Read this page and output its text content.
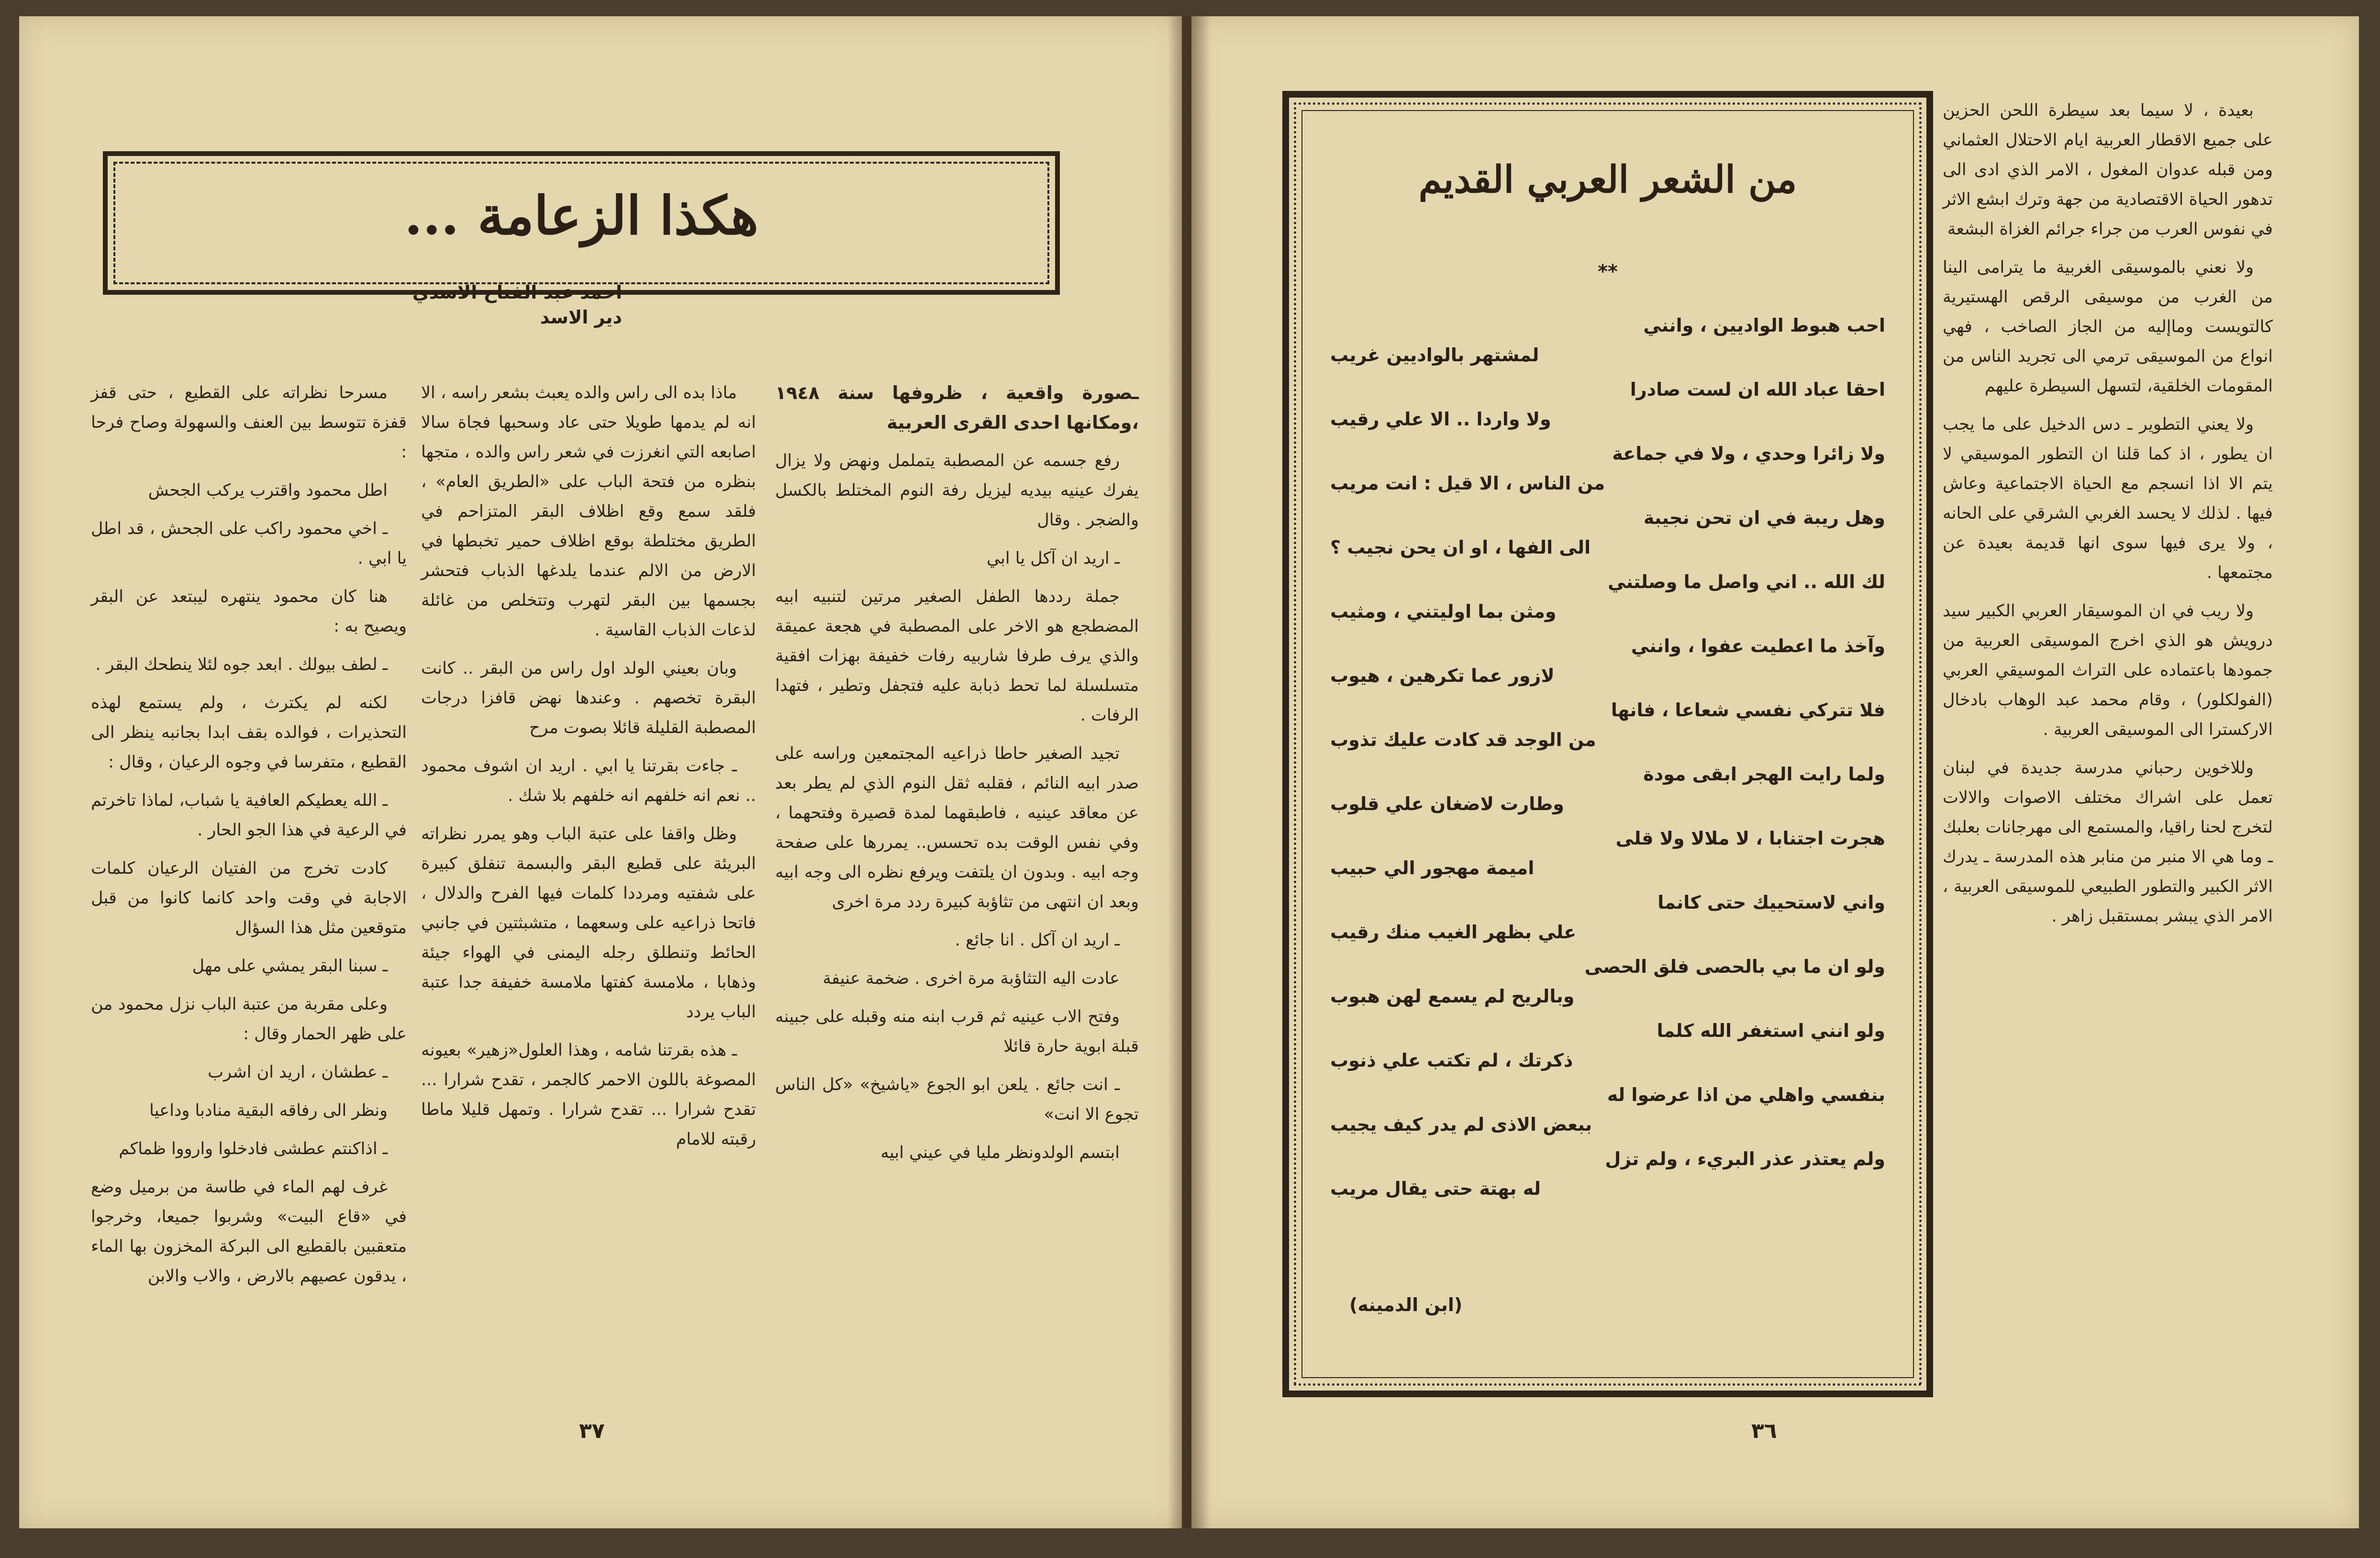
هكذا الزعامة ...
احمد عبد الفتاح الاسدي
دير الاسد

ـصورة واقعية ، ظروفها سنة ١٩٤٨ ،ومكانها احدى القرى العربية

رفع جسمه عن المصطبة يتململ ونهض ولا يزال يفرك عينيه بيديه ليزيل رفة النوم المختلط بالكسل والضجر . وقال

ـ اريد ان آكل يا ابي

جملة رددها الطفل الصغير مرتين لتنبيه ابيه المضطجع هو الاخر على المصطبة في هجعة عميقة والذي يرف طرفا شاربيه رفات خفيفة بهزات افقية متسلسلة لما تحط ذبابة عليه فتجفل وتطير ، فتهدا الرفات .

تجيد الصغير حاطا ذراعيه المجتمعين وراسه على صدر ابيه النائم ، فقلبه ثقل النوم الذي لم يطر بعد عن معاقد عينيه ، فاطبقهما لمدة قصيرة وفتحهما ، وفي نفس الوقت بده تحسس.. يمررها على صفحة وجه ابيه . وبدون ان يلتفت ويرفع نظره الى وجه ابيه وبعد ان انتهى من تثاؤبة كبيرة ردد مرة اخرى

ـ اريد ان آكل . انا جائع .

عادت اليه التثاؤبة مرة اخرى . ضخمة عنيفة

وفتح الاب عينيه ثم قرب ابنه منه وقبله على جبينه قبلة ابوية حارة قائلا

ـ انت جائع . يلعن ابو الجوع «ياشيخ» «كل الناس تجوع الا انت»

ابتسم الولدونظر مليا في عيني ابيه

ماذا بده الى راس والده يعبث بشعر راسه ، الا انه لم يدمها طويلا حتى عاد وسحبها فجاة سالا اصابعه التي انغرزت في شعر راس والده ، متجها بنظره من فتحة الباب على «الطريق العام» ، فلقد سمع وقع اظلاف البقر المتزاحم في الطريق مختلطة بوقع اظلاف حمير تخبطها في الارض من الالم عندما يلدغها الذباب فتحشر بجسمها بين البقر لتهرب وتتخلص من غائلة لذعات الذباب القاسية .

وبان بعيني الولد اول راس من البقر .. كانت البقرة تخصهم . وعندها نهض قافزا درجات المصطبة القليلة قائلا بصوت مرح

ـ جاءت بقرتنا يا ابي . اريد ان اشوف محمود .. نعم انه خلفهم انه خلفهم بلا شك .

وظل واقفا على عتبة الباب وهو يمرر نظراته البريئة على قطيع البقر والبسمة تنفلق كبيرة على شفتيه ومرددا كلمات فيها الفرح والدلال ، فاتحا ذراعيه على وسعهما ، متشبثتين في جانبي الحائط وتنطلق رجله اليمنى في الهواء جيئة وذهابا ، ملامسة كفتها ملامسة خفيفة جدا عتبة الباب يردد

ـ هذه بقرتنا شامه ، وهذا العلول«زهير» بعيونه المصوغة باللون الاحمر كالجمر ، تقدح شرارا ... تقدح شرارا ... تقدح شرارا . وتمهل قليلا ماطا رقبته للامام

مسرحا نظراته على القطيع ، حتى قفز قفزة تتوسط بين العنف والسهولة وصاح فرحا :

اطل محمود واقترب يركب الجحش

ـ اخي محمود راكب على الجحش ، قد اطل يا ابي .

هنا كان محمود ينتهره ليبتعد عن البقر ويصيح به :

ـ لطف بيولك . ابعد جوه لئلا ينطحك البقر .

لكنه لم يكترث ، ولم يستمع لهذه التحذيرات ، فوالده بقف ابدا بجانبه ينظر الى القطيع ، متفرسا في وجوه الرعيان ، وقال :

ـ الله يعطيكم العافية يا شباب، لماذا تاخرتم في الرعية في هذا الجو الحار .

كادت تخرج من الفتيان الرعيان كلمات الاجابة في وقت واحد كانما كانوا من قبل متوقعين مثل هذا السؤال

ـ سبنا البقر يمشي على مهل

وعلى مقربة من عتبة الباب نزل محمود من على ظهر الحمار وقال :

ـ عطشان ، اريد ان اشرب

ونظر الى رفاقه البقية منادبا وداعيا

ـ اذاكنتم عطشى فادخلوا وارووا ظماكم

غرف لهم الماء في طاسة من برميل وضع في «قاع البيت» وشربوا جميعا، وخرجوا متعقبين بالقطيع الى البركة المخزون بها الماء ، يدقون عصيهم بالارض ، والاب والابن

٣٧

بعيدة ، لا سيما بعد سيطرة اللحن الحزين على جميع الاقطار العربية ايام الاحتلال العثماني ومن قبله عدوان المغول ، الامر الذي ادى الى تدهور الحياة الاقتصادية من جهة وترك ابشع الاثر في نفوس العرب من جراء جرائم الغزاة البشعة

ولا نعني بالموسيقى الغربية ما يترامى الينا من الغرب من موسيقى الرقص الهستيرية كالتويست وماإليه من الجاز الصاخب ، فهي انواع من الموسيقى ترمي الى تجريد الناس من المقومات الخلقية، لتسهل السيطرة عليهم

ولا يعني التطوير ـ دس الدخيل على ما يجب ان يطور ، اذ كما قلنا ان التطور الموسيقي لا يتم الا اذا انسجم مع الحياة الاجتماعية وعاش فيها . لذلك لا يحسد الغربي الشرقي على الحانه ، ولا يرى فيها سوى انها قديمة بعيدة عن مجتمعها .

ولا ريب في ان الموسيقار العربي الكبير سيد درويش هو الذي اخرج الموسيقى العربية من جمودها باعتماده على التراث الموسيقي العربي (الفولكلور) ، وقام محمد عبد الوهاب بادخال الاركسترا الى الموسيقى العربية .

وللاخوين رحباني مدرسة جديدة في لبنان تعمل على اشراك مختلف الاصوات والالات لتخرج لحنا راقيا، والمستمع الى مهرجانات بعلبك ـ وما هي الا منبر من منابر هذه المدرسة ـ يدرك الاثر الكبير والتطور الطبيعي للموسيقى العربية ، الامر الذي يبشر بمستقبل زاهر .

من الشعر العربي القديم
**
احب هبوط الواديين ، وانني
لمشتهر بالواديين غريب
احقا عباد الله ان لست صادرا
ولا واردا .. الا علي رقيب
ولا زائرا وحدي ، ولا في جماعة
من الناس ، الا قيل : انت مريب
وهل ريبة في ان تحن نجيبة
الى الفها ، او ان يحن نجيب ؟
لك الله .. اني واصل ما وصلتني
ومثن بما اوليتني ، ومثيب
وآخذ ما اعطيت عفوا ، وانني
لازور عما تكرهين ، هيوب
فلا تتركي نفسي شعاعا ، فانها
من الوجد قد كادت عليك تذوب
ولما رايت الهجر ابقى مودة
وطارت لاضغان علي قلوب
هجرت اجتنابا ، لا ملالا ولا قلى
اميمة مهجور الي حبيب
واني لاستحييك حتى كانما
علي بظهر الغيب منك رقيب
ولو ان ما بي بالحصى فلق الحصى
وبالريح لم يسمع لهن هبوب
ولو انني استغفر الله كلما
ذكرتك ، لم تكتب علي ذنوب
بنفسي واهلي من اذا عرضوا له
ببعض الاذى لم يدر كيف يجيب
ولم يعتذر عذر البريء ، ولم تزل
له بهتة حتى يقال مريب
(ابن الدمينه)
٣٦
